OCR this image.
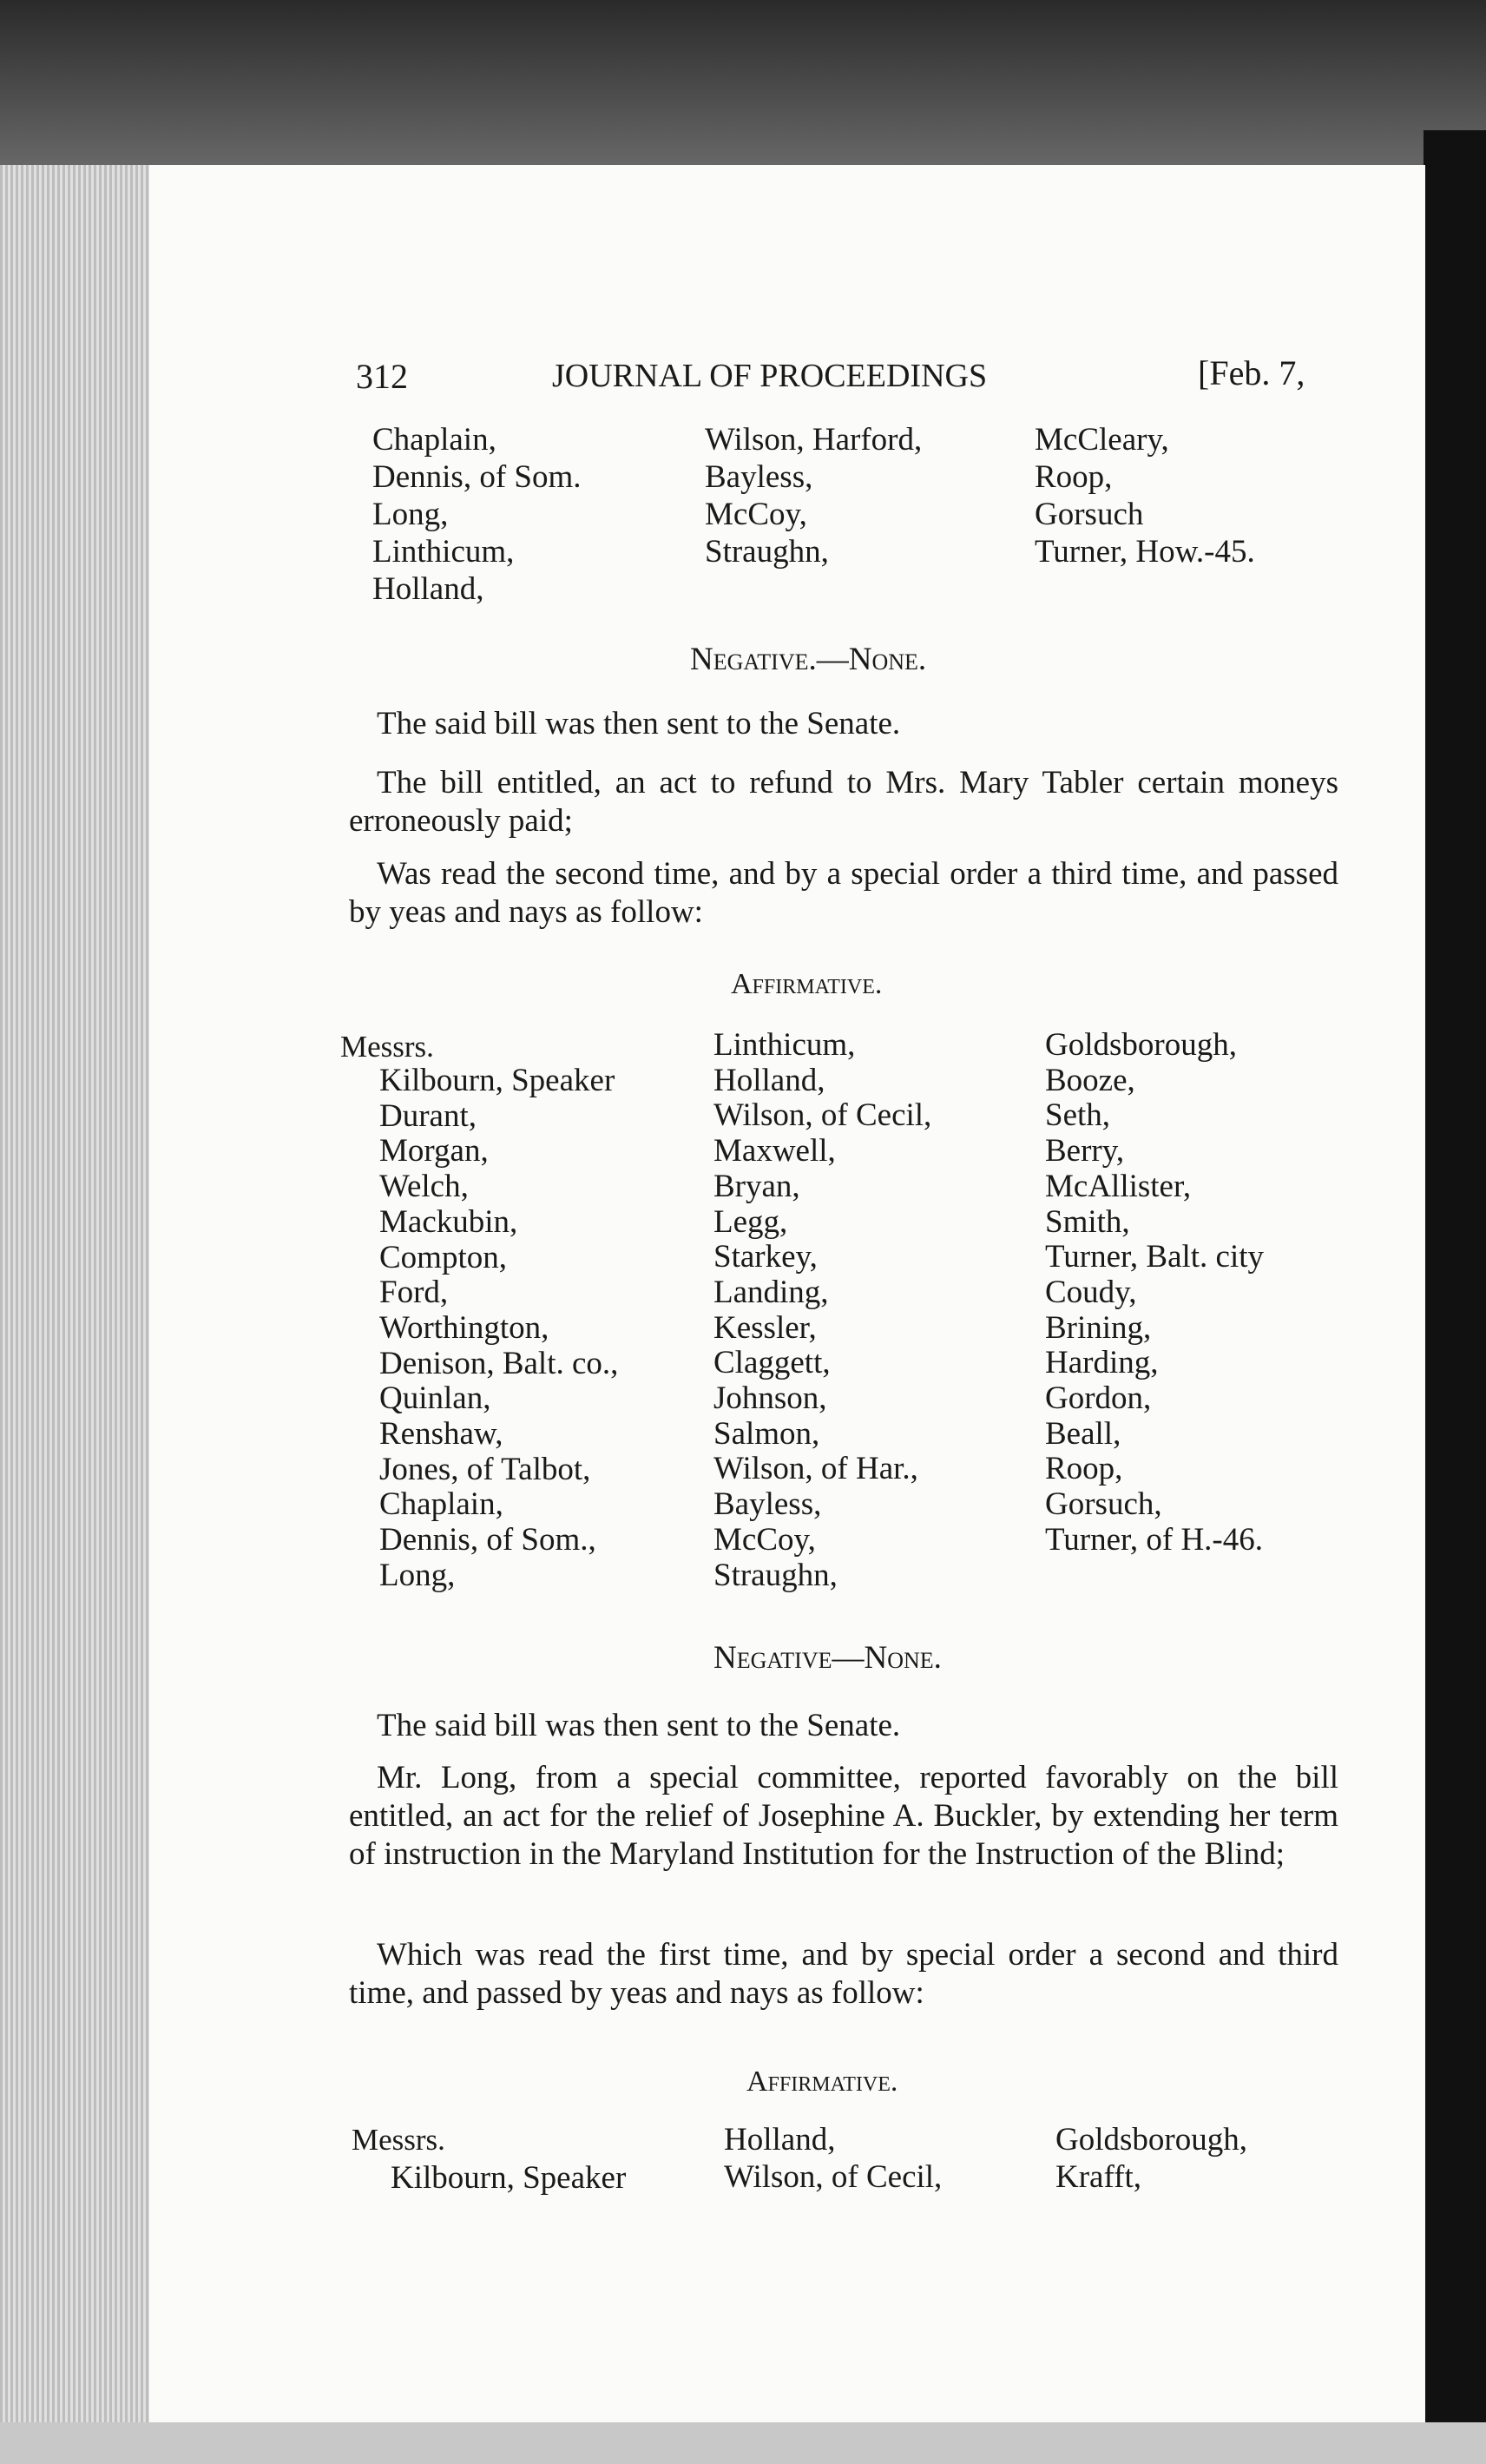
312	JOURNAL OF PROCEEDINGS	[Feb. 7,
Chaplain,
Dennis, of Som.
Long,
Linthicum,
Holland,
Wilson, Harford,
Bayless,
McCoy,
Straughn,
McCleary,
Roop,
Gorsuch
Turner, How.-45.
Negative.—None.
The said bill was then sent to the Senate.
The bill entitled, an act to refund to Mrs. Mary Tabler certain moneys erroneously paid;
Was read the second time, and by a special order a third time, and passed by yeas and nays as follow:
Affirmative.
Messrs.
Kilbourn, Speaker
Durant,
Morgan,
Welch,
Mackubin,
Compton,
Ford,
Worthington,
Denison, Balt. co.,
Quinlan,
Renshaw,
Jones, of Talbot,
Chaplain,
Dennis, of Som.,
Long,
Linthicum,
Holland,
Wilson, of Cecil,
Maxwell,
Bryan,
Legg,
Starkey,
Landing,
Kessler,
Claggett,
Johnson,
Salmon,
Wilson, of Har.,
Bayless,
McCoy,
Straughn,
Goldsborough,
Booze,
Seth,
Berry,
McAllister,
Smith,
Turner, Balt. city
Coudy,
Brining,
Harding,
Gordon,
Beall,
Roop,
Gorsuch,
Turner, of H.-46.
Negative—None.
The said bill was then sent to the Senate.
Mr. Long, from a special committee, reported favorably on the bill entitled, an act for the relief of Josephine A. Buckler, by extending her term of instruction in the Maryland Institution for the Instruction of the Blind;
Which was read the first time, and by special order a second and third time, and passed by yeas and nays as follow:
Affirmative.
Messrs.
Kilbourn, Speaker
Holland,
Wilson, of Cecil,
Goldsborough,
Krafft,
